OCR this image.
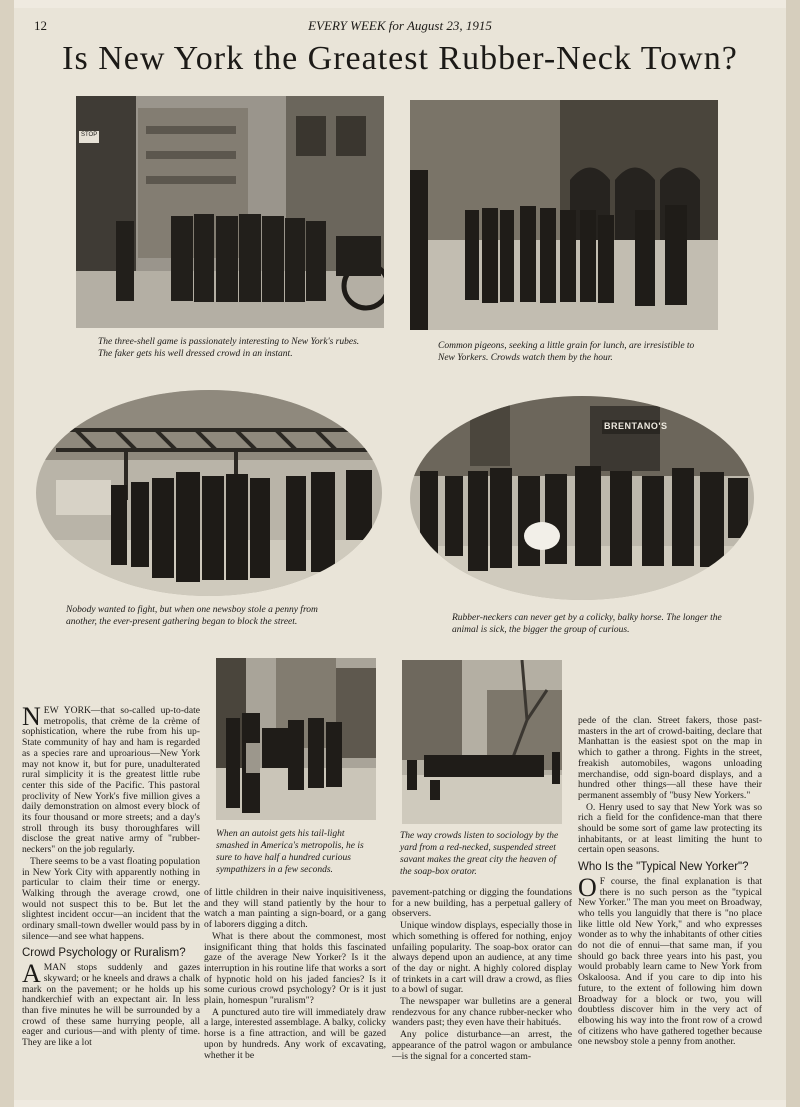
12	EVERY WEEK for August 23, 1915
Is New York the Greatest Rubber-Neck Town?
STOP
The three-shell game is passionately interesting to New York's rubes. The faker gets his well dressed crowd in an instant.
Common pigeons, seeking a little grain for lunch, are irresistible to New Yorkers. Crowds watch them by the hour.
Nobody wanted to fight, but when one newsboy stole a penny from another, the ever-present gathering began to block the street.
BRENTANO'S
Rubber-neckers can never get by a colicky, balky horse. The longer the animal is sick, the bigger the group of curious.
When an autoist gets his tail-light smashed in America's metropolis, he is sure to have half a hundred curious sympathizers in a few seconds.
The way crowds listen to sociology by the yard from a red-necked, suspended street savant makes the great city the heaven of the soap-box orator.

NEW YORK—that so-called up-to-date metropolis, that crème de la crème of sophistication, where the rube from his up-State community of hay and ham is regarded as a species rare and uproarious—New York may not know it, but for pure, unadulterated rural simplicity it is the greatest little rube center this side of the Pacific. This pastoral proclivity of New York's five million gives a daily demonstration on almost every block of its four thousand or more streets; and a day's stroll through its busy thoroughfares will disclose the great native army of "rubber-neckers" on the job regularly.

There seems to be a vast floating population in New York City with apparently nothing in particular to claim their time or energy. Walking through the average crowd, one would not suspect this to be. But let the slightest incident occur—an incident that the ordinary small-town dweller would pass by in silence—and see what happens.

Crowd Psychology or Ruralism?

AMAN stops suddenly and gazes skyward; or he kneels and draws a chalk mark on the pavement; or he holds up his handkerchief with an expectant air. In less than five minutes he will be surrounded by a crowd of these same hurrying people, all eager and curious—and with plenty of time. They are like a lot

of little children in their naive inquisitiveness, and they will stand patiently by the hour to watch a man painting a sign-board, or a gang of laborers digging a ditch.

What is there about the commonest, most insignificant thing that holds this fascinated gaze of the average New Yorker? Is it the interruption in his routine life that works a sort of hypnotic hold on his jaded fancies? Is it some curious crowd psychology? Or is it just plain, homespun "ruralism"?

A punctured auto tire will immediately draw a large, interested assemblage. A balky, colicky horse is a fine attraction, and will be gazed upon by hundreds. Any work of excavating, whether it be

pavement-patching or digging the foundations for a new building, has a perpetual gallery of observers.

Unique window displays, especially those in which something is offered for nothing, enjoy unfailing popularity. The soap-box orator can always depend upon an audience, at any time of the day or night. A highly colored display of trinkets in a cart will draw a crowd, as flies to a bowl of sugar.

The newspaper war bulletins are a general rendezvous for any chance rubber-necker who wanders past; they even have their habitués.

Any police disturbance—an arrest, the appearance of the patrol wagon or ambulance—is the signal for a concerted stam-

pede of the clan. Street fakers, those past-masters in the art of crowd-baiting, declare that Manhattan is the easiest spot on the map in which to gather a throng. Fights in the street, freakish automobiles, wagons unloading merchandise, odd sign-board displays, and a hundred other things—all these have their permanent assembly of "busy New Yorkers."

O. Henry used to say that New York was so rich a field for the confidence-man that there should be some sort of game law protecting its inhabitants, or at least limiting the hunt to certain open seasons.

Who Is the "Typical New Yorker"?

O F course, the final explanation is that there is no such person as the "typical New Yorker." The man you meet on Broadway, who tells you languidly that there is "no place like little old New York," and who expresses wonder as to why the inhabitants of other cities do not die of ennui—that same man, if you should go back three years into his past, you would probably learn came to New York from Oskaloosa. And if you care to dip into his future, to the extent of following him down Broadway for a block or two, you will doubtless discover him in the very act of elbowing his way into the front row of a crowd of citizens who have gathered together because one newsboy stole a penny from another.
